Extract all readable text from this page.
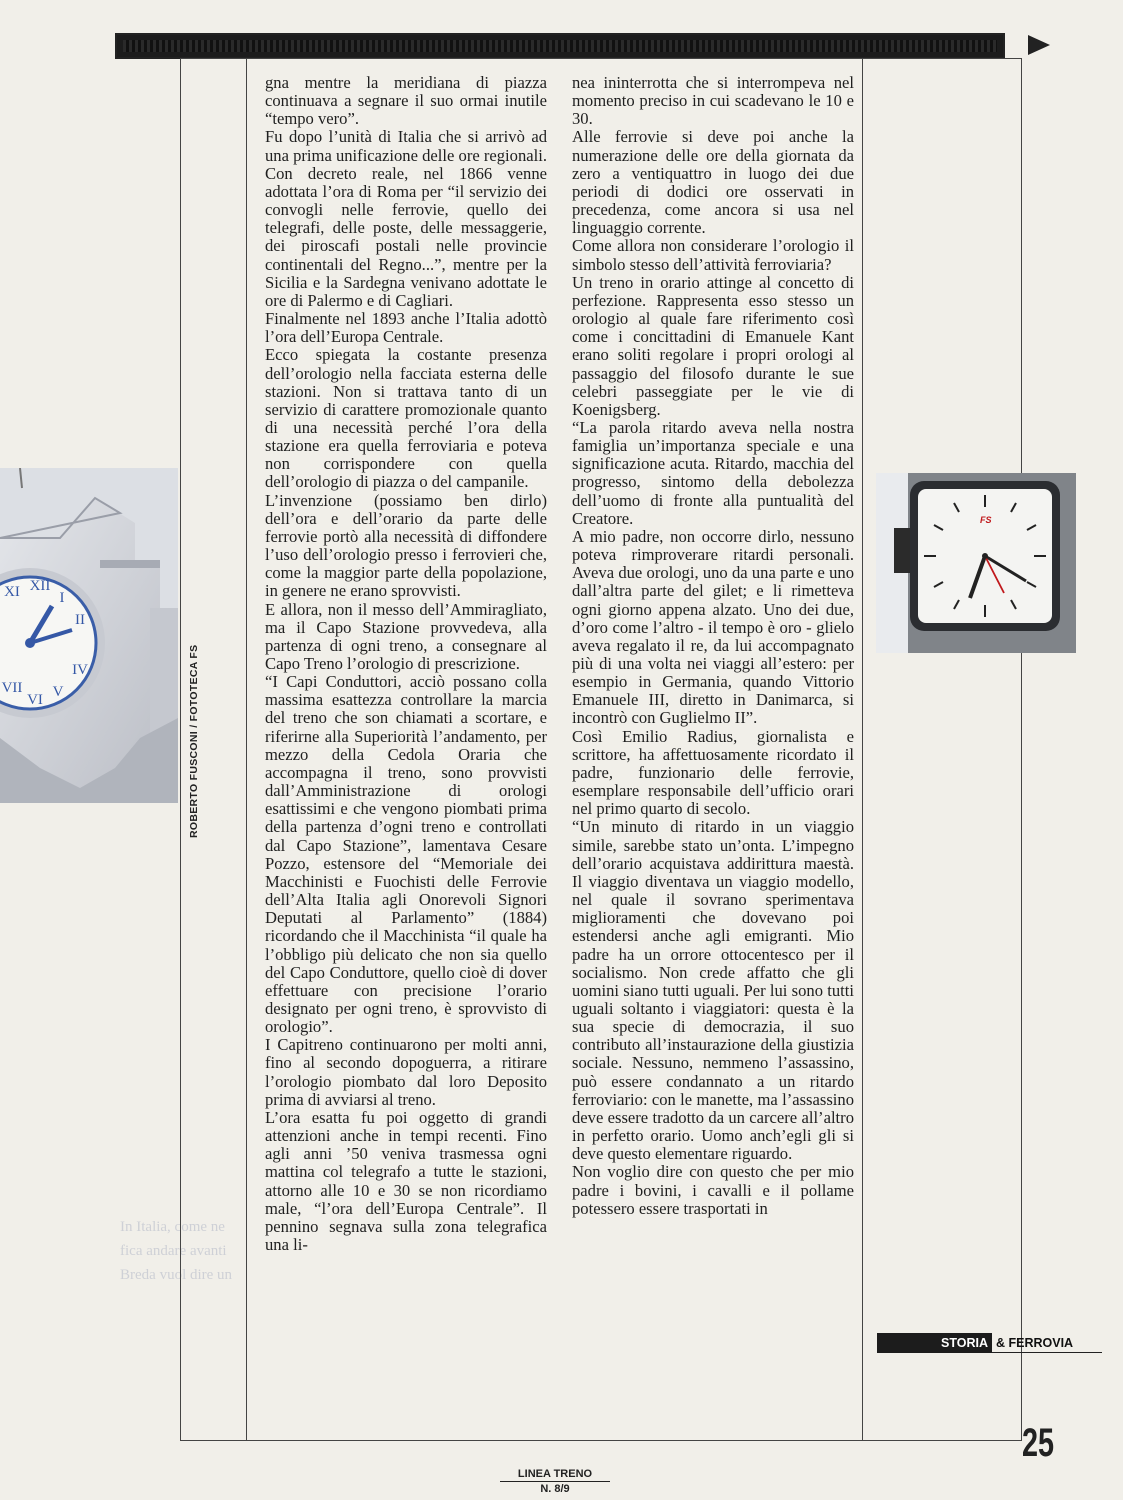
In Italia, come ne
fica andare avanti
Breda vuol dire un
ROBERTO FUSCONI / FOTOTECA FS
XII
I
II
XI
VI V
IV
VII
FS

gna mentre la meridiana di piazza continuava a segnare il suo ormai inutile “tempo vero”.

Fu dopo l’unità di Italia che si arrivò ad una prima unificazione delle ore regionali. Con decreto reale, nel 1866 venne adottata l’ora di Roma per “il servizio dei convogli nelle ferrovie, quello dei telegrafi, delle poste, delle messaggerie, dei piroscafi postali nelle provincie continentali del Regno...”, mentre per la Sicilia e la Sardegna venivano adottate le ore di Palermo e di Cagliari.

Finalmente nel 1893 anche l’Italia adottò l’ora dell’Europa Centrale.

Ecco spiegata la costante presenza dell’orologio nella facciata esterna delle stazioni. Non si trattava tanto di un servizio di carattere promozionale quanto di una necessità perché l’ora della stazione era quella ferroviaria e poteva non corrispondere con quella dell’orologio di piazza o del campanile.

L’invenzione (possiamo ben dirlo) dell’ora e dell’orario da parte delle ferrovie portò alla necessità di diffondere l’uso dell’orologio presso i ferrovieri che, come la maggior parte della popolazione, in genere ne erano sprovvisti.

E allora, non il messo dell’Ammiragliato, ma il Capo Stazione provvedeva, alla partenza di ogni treno, a consegnare al Capo Treno l’orologio di prescrizione.

“I Capi Conduttori, acciò possano colla massima esattezza controllare la marcia del treno che son chiamati a scortare, e riferirne alla Superiorità l’andamento, per mezzo della Cedola Oraria che accompagna il treno, sono provvisti dall’Amministrazione di orologi esattissimi e che vengono piombati prima della partenza d’ogni treno e controllati dal Capo Stazione”, lamentava Cesare Pozzo, estensore del “Memoriale dei Macchinisti e Fuochisti delle Ferrovie dell’Alta Italia agli Onorevoli Signori Deputati al Parlamento” (1884) ricordando che il Macchinista “il quale ha l’obbligo più delicato che non sia quello del Capo Conduttore, quello cioè di dover effettuare con precisione l’orario designato per ogni treno, è sprovvisto di orologio”.

I Capitreno continuarono per molti anni, fino al secondo dopoguerra, a ritirare l’orologio piombato dal loro Deposito prima di avviarsi al treno.

L’ora esatta fu poi oggetto di grandi attenzioni anche in tempi recenti. Fino agli anni ’50 veniva trasmessa ogni mattina col telegrafo a tutte le stazioni, attorno alle 10 e 30 se non ricordiamo male, “l’ora dell’Europa Centrale”. Il pennino segnava sulla zona telegrafica una li-

nea ininterrotta che si interrompeva nel momento preciso in cui scadevano le 10 e 30.

Alle ferrovie si deve poi anche la numerazione delle ore della giornata da zero a ventiquattro in luogo dei due periodi di dodici ore osservati in precedenza, come ancora si usa nel linguaggio corrente.

Come allora non considerare l’orologio il simbolo stesso dell’attività ferroviaria?

Un treno in orario attinge al concetto di perfezione. Rappresenta esso stesso un orologio al quale fare riferimento così come i concittadini di Emanuele Kant erano soliti regolare i propri orologi al passaggio del filosofo durante le sue celebri passeggiate per le vie di Koenigsberg.

“La parola ritardo aveva nella nostra famiglia un’importanza speciale e una significazione acuta. Ritardo, macchia del progresso, sintomo della debolezza dell’uomo di fronte alla puntualità del Creatore.

A mio padre, non occorre dirlo, nessuno poteva rimproverare ritardi personali. Aveva due orologi, uno da una parte e uno dall’altra parte del gilet; e li rimetteva ogni giorno appena alzato. Uno dei due, d’oro come l’altro - il tempo è oro - glielo aveva regalato il re, da lui accompagnato più di una volta nei viaggi all’estero: per esempio in Germania, quando Vittorio Emanuele III, diretto in Danimarca, si incontrò con Guglielmo II”.

Così Emilio Radius, giornalista e scrittore, ha affettuosamente ricordato il padre, funzionario delle ferrovie, esemplare responsabile dell’ufficio orari nel primo quarto di secolo.

“Un minuto di ritardo in un viaggio simile, sarebbe stato un’onta. L’impegno dell’orario acquistava addirittura maestà. Il viaggio diventava un viaggio modello, nel quale il sovrano sperimentava miglioramenti che dovevano poi estendersi anche agli emigranti. Mio padre ha un orrore ottocentesco per il socialismo. Non crede affatto che gli uomini siano tutti uguali. Per lui sono tutti uguali soltanto i viaggiatori: questa è la sua specie di democrazia, il suo contributo all’instaurazione della giustizia sociale. Nessuno, nemmeno l’assassino, può essere condannato a un ritardo ferroviario: con le manette, ma l’assassino deve essere tradotto da un carcere all’altro in perfetto orario. Uomo anch’egli gli si deve questo elementare riguardo.

Non voglio dire con questo che per mio padre i bovini, i cavalli e il pollame potessero essere trasportati in

STORIA & FERROVIA
25
LINEA TRENO
N. 8/9
